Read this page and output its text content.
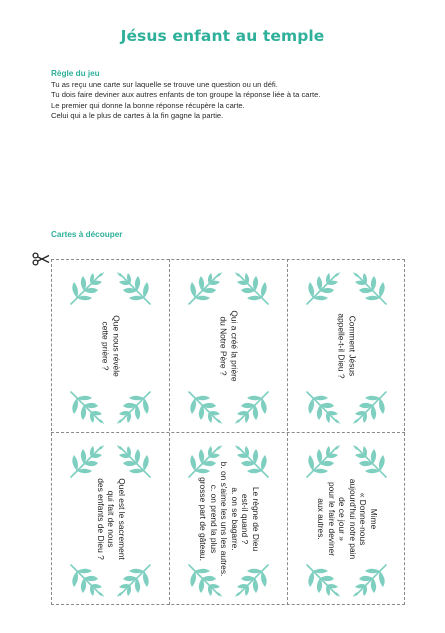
Jésus enfant au temple
Règle du jeu
Tu as reçu une carte sur laquelle se trouve une question ou un défi.
Tu dois faire deviner aux autres enfants de ton groupe la réponse liée à ta carte.
Le premier qui donne la bonne réponse récupère la carte.
Celui qui a le plus de cartes à la fin gagne la partie.
Cartes à découper
Que nous révèle
cette prière ?	Qui a créé la prière
du Notre Père ?	Comment Jésus
appelle-t-il Dieu ?
Quel est le sacrement
qui fait de nous
des enfants de Dieu ?	Le règne de Dieu
est-il quand ?
a. on se bagarre.
b. on s'aime les uns les autres.
c. on prend la plus
grosse part de gâteau.	Mime
« Donne-nous
aujourd'hui notre pain
de ce jour »
pour le faire deviner
aux autres.
